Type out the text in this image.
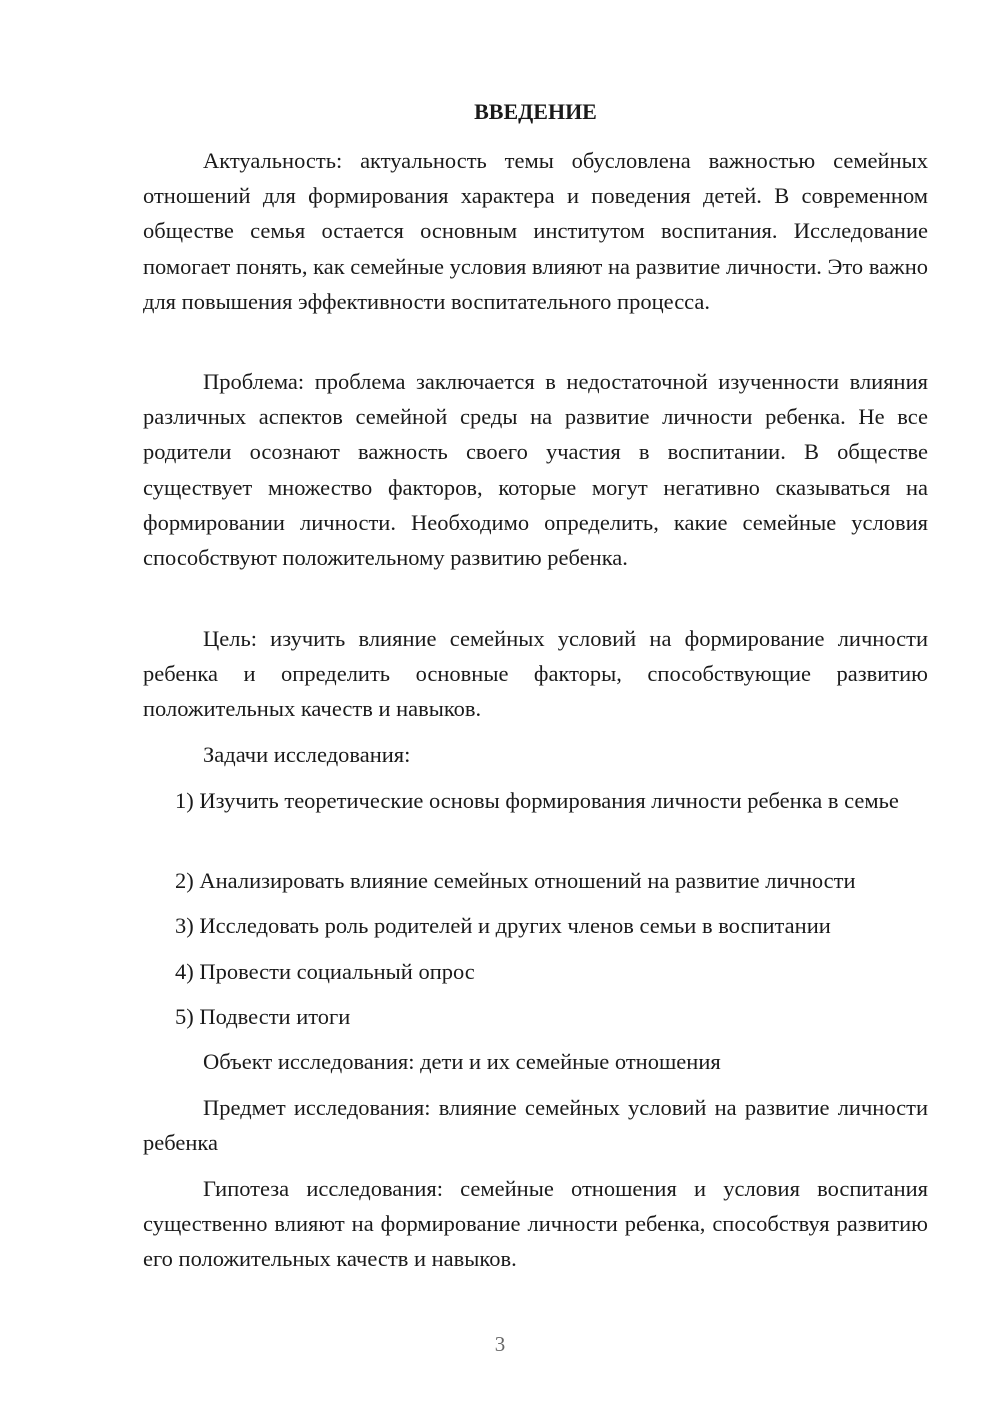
ВВЕДЕНИЕ

Актуальность: актуальность темы обусловлена важностью семейных отношений для формирования характера и поведения детей. В современном обществе семья остается основным институтом воспитания. Исследование помогает понять, как семейные условия влияют на развитие личности. Это важно для повышения эффективности воспитательного процесса.

Проблема: проблема заключается в недостаточной изученности влияния различных аспектов семейной среды на развитие личности ребенка. Не все родители осознают важность своего участия в воспитании. В обществе существует множество факторов, которые могут негативно сказываться на формировании личности. Необходимо определить, какие семейные условия способствуют положительному развитию ребенка.

Цель: изучить влияние семейных условий на формирование личности ребенка и определить основные факторы, способствующие развитию положительных качеств и навыков.

Задачи исследования:

1) Изучить теоретические основы формирования личности ребенка в семье

2) Анализировать влияние семейных отношений на развитие личности

3) Исследовать роль родителей и других членов семьи в воспитании

4) Провести социальный опрос

5) Подвести итоги

Объект исследования: дети и их семейные отношения

Предмет исследования: влияние семейных условий на развитие личности ребенка

Гипотеза исследования: семейные отношения и условия воспитания существенно влияют на формирование личности ребенка, способствуя развитию его положительных качеств и навыков.

3
